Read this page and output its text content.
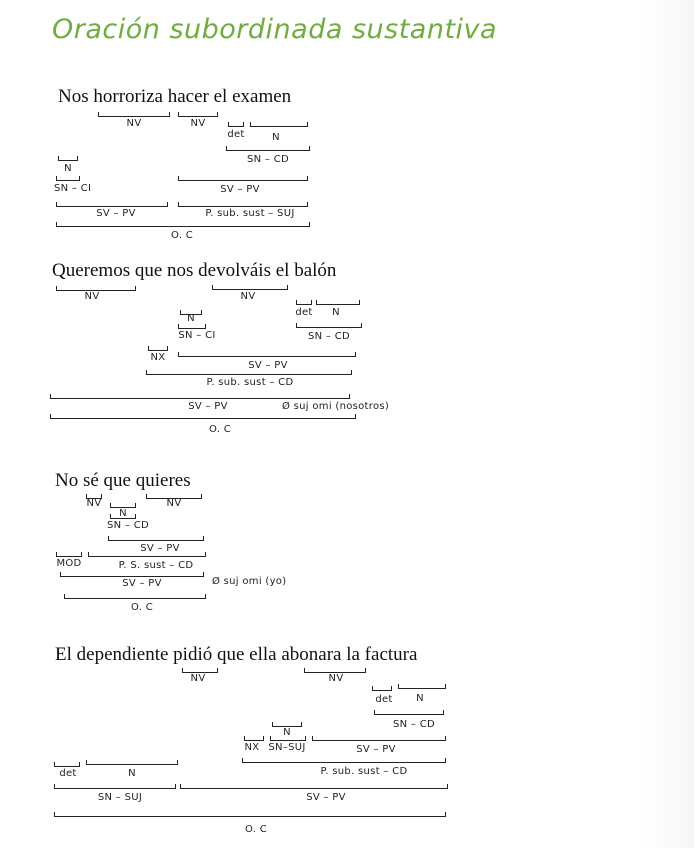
Oración subordinada sustantiva
Nos horroriza hacer el examen
NV	NV
det	N
SN – CD
N
SN – CI	SV – PV
SV – PV	P. sub. sust – SUJ
O. C
Queremos que nos devolváis el balón
NV	NV
det N
N
SN – CI	SN – CD
NX
SV – PV
P. sub. sust – CD
SV – PV	Ø suj omi (nosotros)
O. C
No sé que quieres
NV	NV
N
SN – CD
SV – PV
MOD	P. S. sust – CD
SV – PV	Ø suj omi (yo)
O. C
El dependiente pidió que ella abonara la factura
NV	NV
det N
SN – CD
N
NX SN–SUJ	SV – PV
det	N	P. sub. sust – CD
SN – SUJ	SV – PV
O. C
